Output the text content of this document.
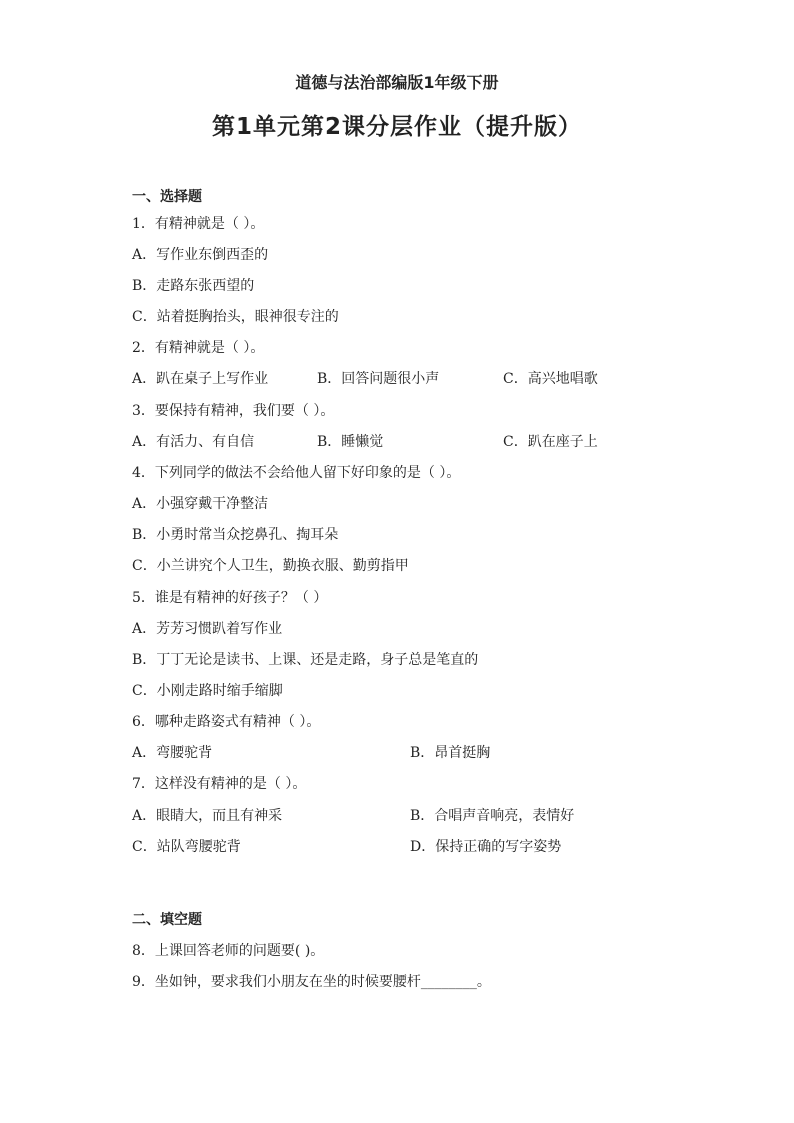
道德与法治部编版1年级下册
第1单元第2课分层作业（提升版）
一、选择题
1．有精神就是（ ）。
A．写作业东倒西歪的
B．走路东张西望的
C．站着挺胸抬头，眼神很专注的
2．有精神就是（ ）。
A．趴在桌子上写作业	B．回答问题很小声	C．高兴地唱歌
3．要保持有精神，我们要（ ）。
A．有活力、有自信	B．睡懒觉	C．趴在座子上
4．下列同学的做法不会给他人留下好印象的是（ ）。
A．小强穿戴干净整洁
B．小勇时常当众挖鼻孔、掏耳朵
C．小兰讲究个人卫生，勤换衣服、勤剪指甲
5．谁是有精神的好孩子？（ ）
A．芳芳习惯趴着写作业
B．丁丁无论是读书、上课、还是走路，身子总是笔直的
C．小刚走路时缩手缩脚
6．哪种走路姿式有精神（ ）。
A．弯腰驼背	B．昂首挺胸
7．这样没有精神的是（ ）。
A．眼睛大，而且有神采	B．合唱声音响亮，表情好
C．站队弯腰驼背	D．保持正确的写字姿势
二、填空题
8．上课回答老师的问题要( )。
9．坐如钟，要求我们小朋友在坐的时候要腰杆________。
